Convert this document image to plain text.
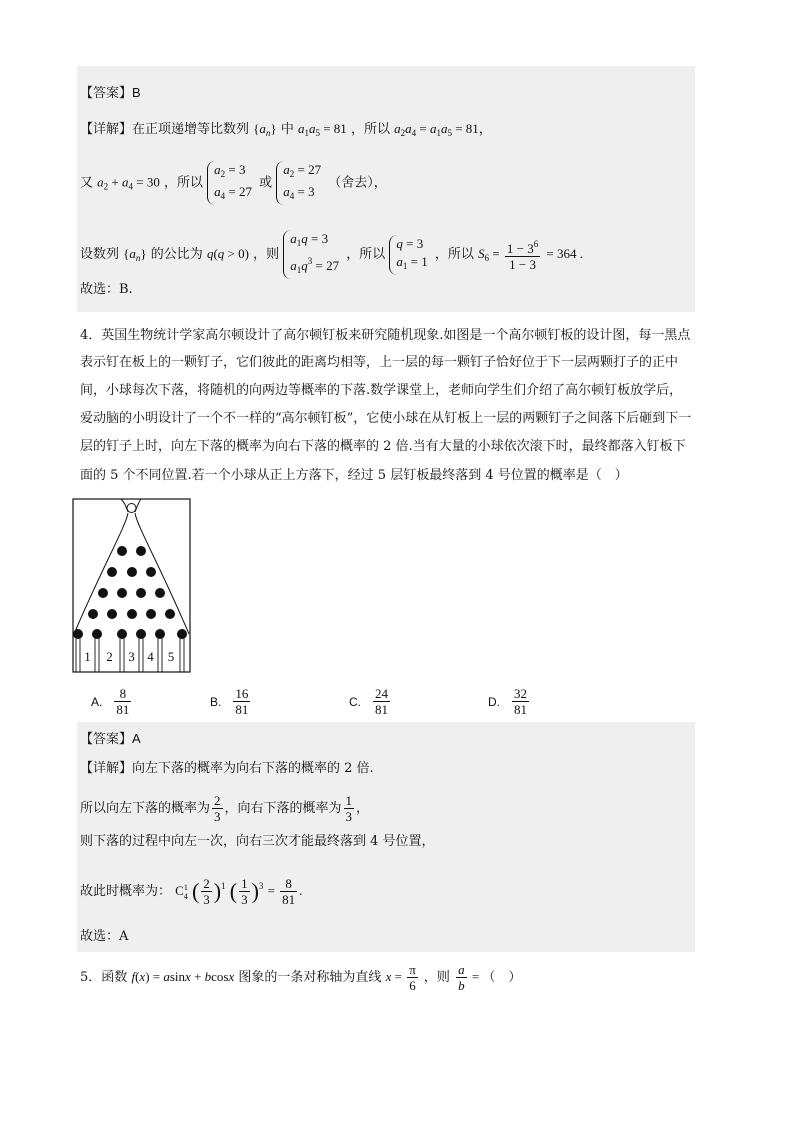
【答案】B
【详解】在正项递增等比数列 $\{a_n\}$ 中 $a_1a_5 = 81$ ，所以 $a_2a_4 = a_1a_5 = 81$，
又 $a_2 + a_4 = 30$ ，所以
$a_2 = 3$
$a_4 = 27$
或
$a_2 = 27$
$a_4 = 3$
（舍去），
设数列 $\{a_n\}$ 的公比为 q(q > 0) ，则
$a_1q = 3$
$a_1q^3 = 27$
，所以
q = 3
$a_1 = 1$ ，所以 $S_6 = \frac{1 - 3^6}{1 - 3} = 364$ .
故选：B.
4．英国生物统计学家高尔顿设计了高尔顿钉板来研究随机现象.如图是一个高尔顿钉板的设计图，每一黑点
表示钉在板上的一颗钉子，它们彼此的距离均相等，上一层的每一颗钉子恰好位于下一层两颗打子的正中
间，小球每次下落，将随机的向两边等概率的下落.数学课堂上，老师向学生们介绍了高尔顿钉板放学后，
爱动脑的小明设计了一个不一样的“高尔顿钉板”，它使小球在从钉板上一层的两颗钉子之间落下后砸到下一
层的钉子上时，向左下落的概率为向右下落的概率的 2 倍.当有大量的小球依次滚下时，最终都落入钉板下
面的 5 个不同位置.若一个小球从正上方落下，经过 5 层钉板最终落到 4 号位置的概率是（　）
1 2 3 4 5
A. $\frac{8}{81}$	B. $\frac{16}{81}$	C. $\frac{24}{81}$	D. $\frac{32}{81}$
【答案】A
【详解】向左下落的概率为向右下落的概率的 2 倍.
所以向左下落的概率为 $\frac{2}{3}$ ，向右下落的概率为 $\frac{1}{3}$ ，
则下落的过程中向左一次，向右三次才能最终落到 4 号位置，
故此时概率为： C 1
4 ( $\frac{2}{3} )^1$ ( $\frac{1}{3} )^3 = \frac{8}{81}$ .
故选：A
5．函数 f(x) = asinx + bcosx 图象的一条对称轴为直线 $x = \frac{\pi}{6}$ ，则 $\frac{a}{b}$ = （　）
